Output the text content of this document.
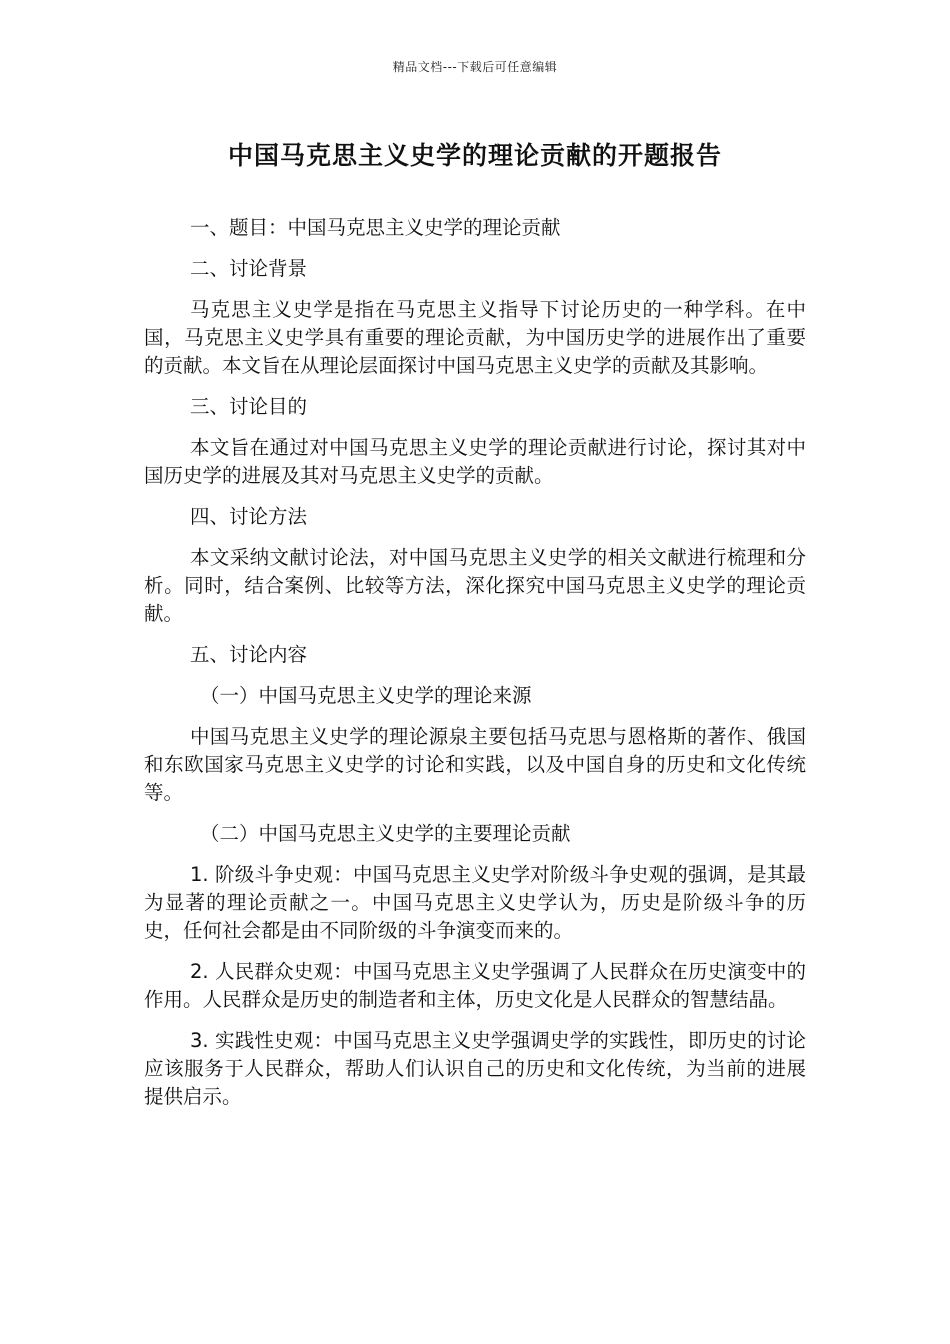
精品文档---下载后可任意编辑
中国马克思主义史学的理论贡献的开题报告
一、题目：中国马克思主义史学的理论贡献
二、讨论背景
马克思主义史学是指在马克思主义指导下讨论历史的一种学科。在中国，马克思主义史学具有重要的理论贡献，为中国历史学的进展作出了重要的贡献。本文旨在从理论层面探讨中国马克思主义史学的贡献及其影响。
三、讨论目的
本文旨在通过对中国马克思主义史学的理论贡献进行讨论，探讨其对中国历史学的进展及其对马克思主义史学的贡献。
四、讨论方法
本文采纳文献讨论法，对中国马克思主义史学的相关文献进行梳理和分析。同时，结合案例、比较等方法，深化探究中国马克思主义史学的理论贡献。
五、讨论内容
（一）中国马克思主义史学的理论来源
中国马克思主义史学的理论源泉主要包括马克思与恩格斯的著作、俄国和东欧国家马克思主义史学的讨论和实践，以及中国自身的历史和文化传统等。
（二）中国马克思主义史学的主要理论贡献
1. 阶级斗争史观：中国马克思主义史学对阶级斗争史观的强调，是其最为显著的理论贡献之一。中国马克思主义史学认为，历史是阶级斗争的历史，任何社会都是由不同阶级的斗争演变而来的。
2. 人民群众史观：中国马克思主义史学强调了人民群众在历史演变中的作用。人民群众是历史的制造者和主体，历史文化是人民群众的智慧结晶。
3. 实践性史观：中国马克思主义史学强调史学的实践性，即历史的讨论应该服务于人民群众，帮助人们认识自己的历史和文化传统，为当前的进展提供启示。
